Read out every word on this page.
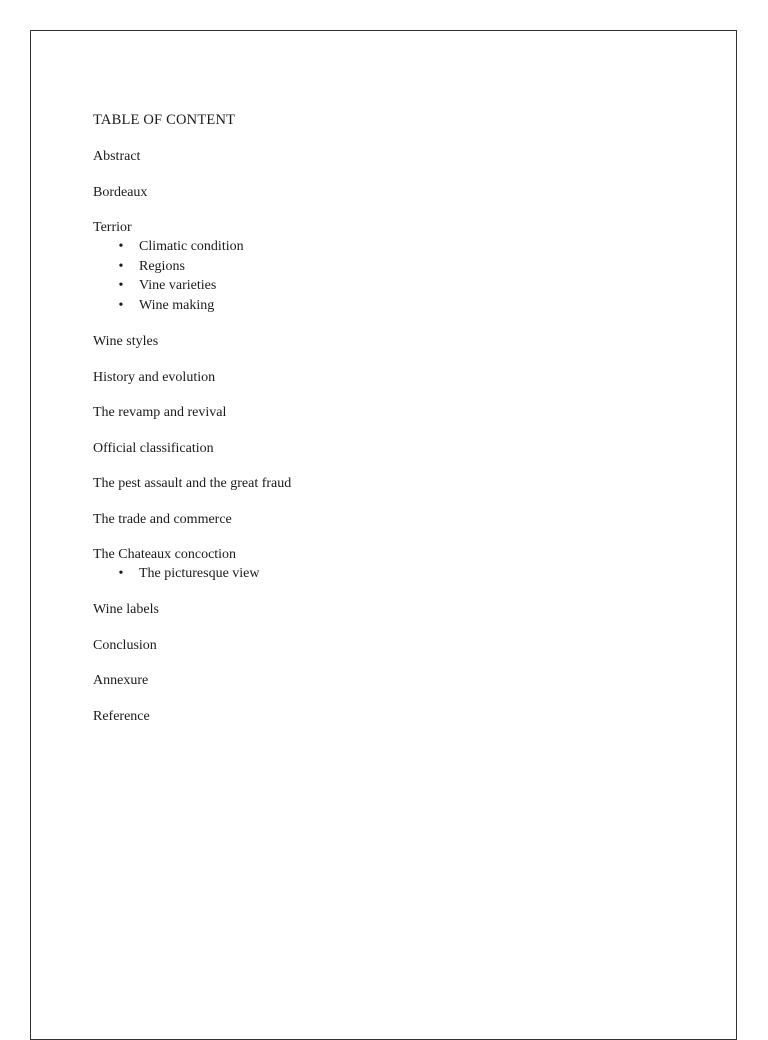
TABLE OF CONTENT
Abstract
Bordeaux
Terrior
• Climatic condition
• Regions
• Vine varieties
• Wine making
Wine styles
History and evolution
The revamp and revival
Official classification
The pest assault and the great fraud
The trade and commerce
The Chateaux concoction
• The picturesque view
Wine labels
Conclusion
Annexure
Reference
